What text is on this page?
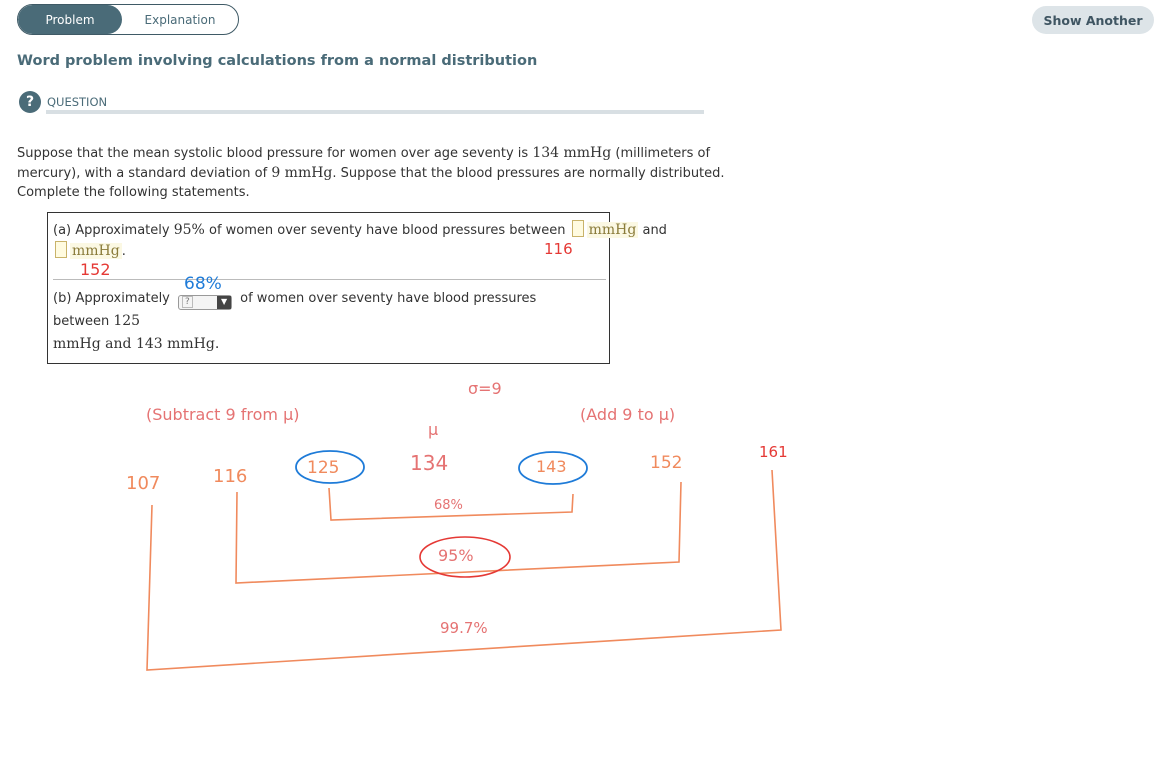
Problem	Explanation	Show Another
Word problem involving calculations from a normal distribution
?	QUESTION
Suppose that the mean systolic blood pressure for women over age seventy is 134 mmHg (millimeters of mercury), with a standard deviation of 9 mmHg. Suppose that the blood pressures are normally distributed. Complete the following statements.
(a) Approximately 95% of women over seventy have blood pressures between mmHg and
mmHg .
(b) Approximately	?	▼ of women over seventy have blood pressures between 125
mmHg and 143 mmHg.
116
152
68%
σ=9
(Subtract 9 from μ)	(Add 9 to μ)
μ
107	116	125	134	143	152
161
68%
95%
99.7%
